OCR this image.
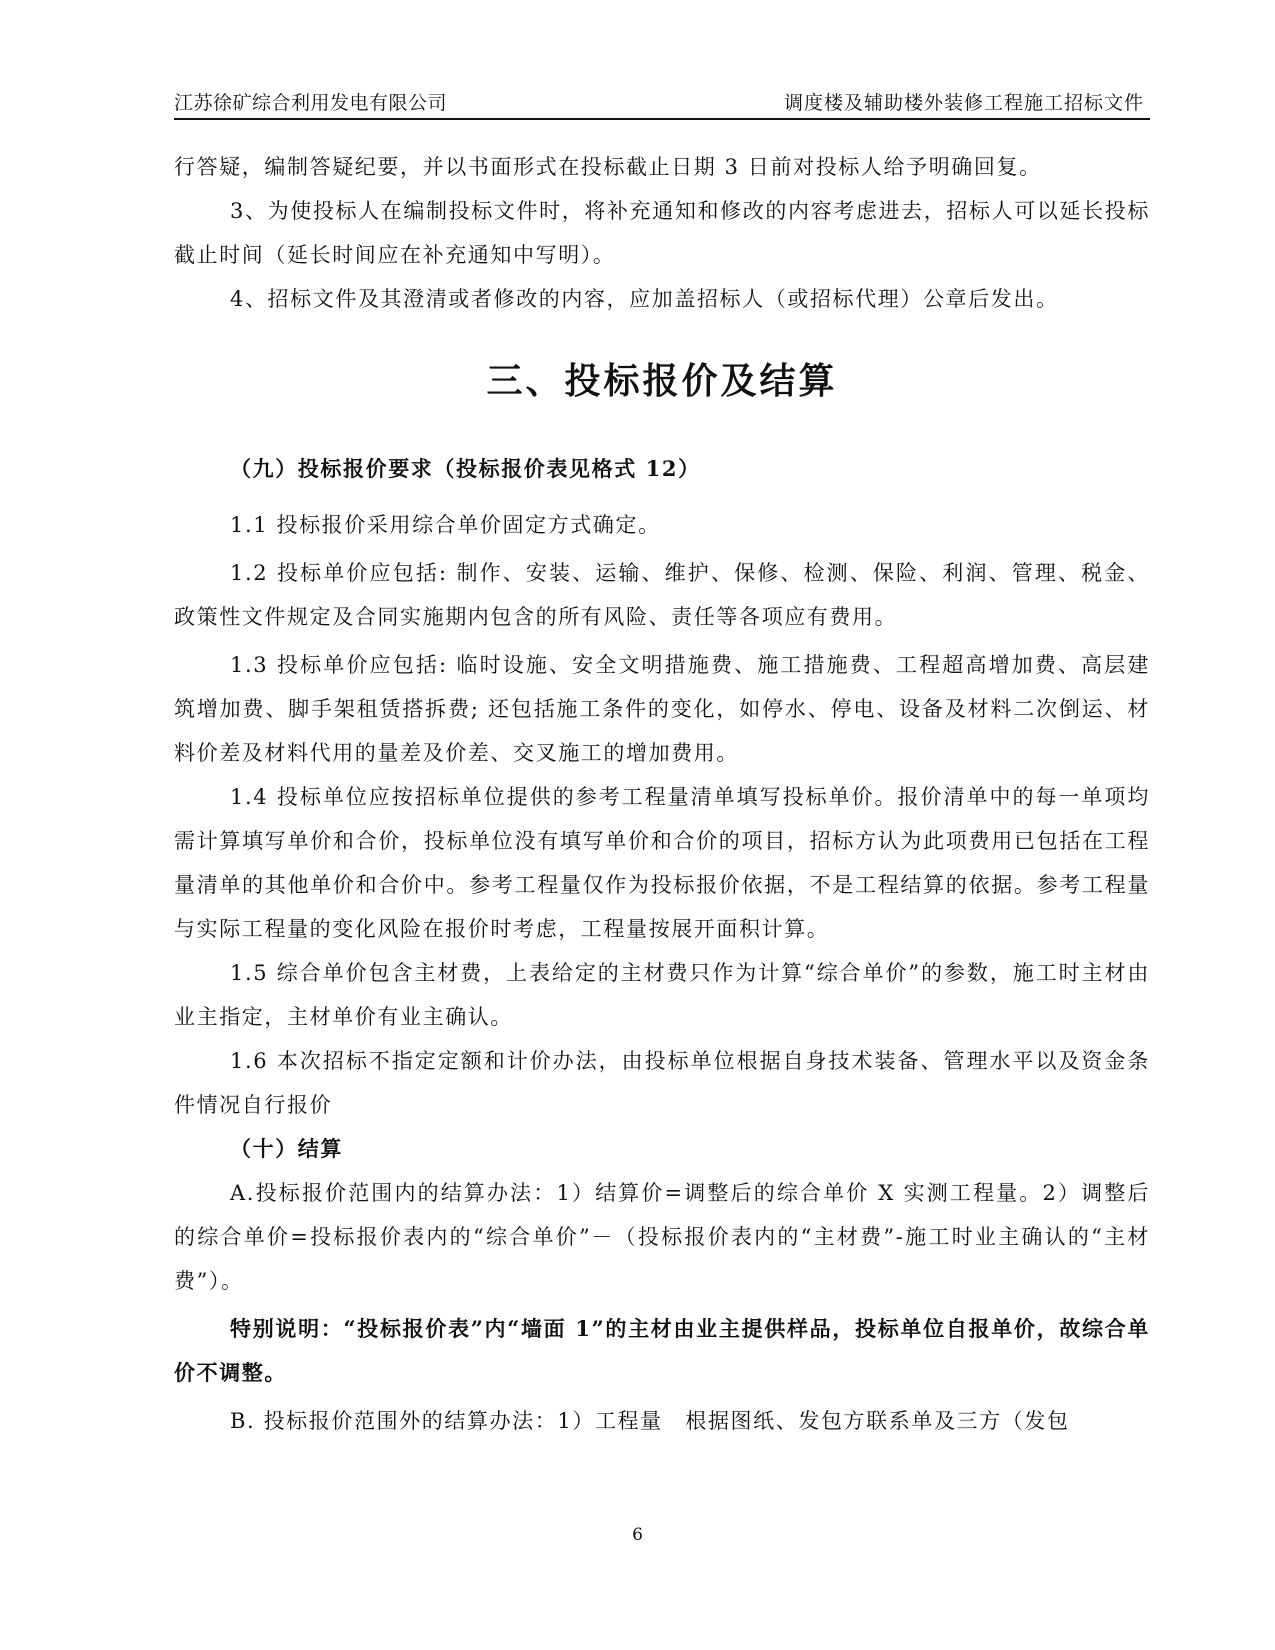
江苏徐矿综合利用发电有限公司	调度楼及辅助楼外装修工程施工招标文件

行答疑，编制答疑纪要，并以书面形式在投标截止日期 3 日前对投标人给予明确回复。

3、为使投标人在编制投标文件时，将补充通知和修改的内容考虑进去，招标人可以延长投标截止时间（延长时间应在补充通知中写明）。

4、招标文件及其澄清或者修改的内容，应加盖招标人（或招标代理）公章后发出。

三、投标报价及结算
（九）投标报价要求（投标报价表见格式 12）

1.1 投标报价采用综合单价固定方式确定。

1.2 投标单价应包括: 制作、安装、运输、维护、保修、检测、保险、利润、管理、税金、政策性文件规定及合同实施期内包含的所有风险、责任等各项应有费用。

1.3 投标单价应包括: 临时设施、安全文明措施费、施工措施费、工程超高增加费、高层建筑增加费、脚手架租赁搭拆费; 还包括施工条件的变化，如停水、停电、设备及材料二次倒运、材料价差及材料代用的量差及价差、交叉施工的增加费用。

1.4 投标单位应按招标单位提供的参考工程量清单填写投标单价。报价清单中的每一单项均需计算填写单价和合价，投标单位没有填写单价和合价的项目，招标方认为此项费用已包括在工程量清单的其他单价和合价中。参考工程量仅作为投标报价依据，不是工程结算的依据。参考工程量与实际工程量的变化风险在报价时考虑，工程量按展开面积计算。

1.5 综合单价包含主材费，上表给定的主材费只作为计算“综合单价”的参数，施工时主材由业主指定，主材单价有业主确认。

1.6 本次招标不指定定额和计价办法，由投标单位根据自身技术装备、管理水平以及资金条件情况自行报价

（十）结算

A.投标报价范围内的结算办法：1）结算价=调整后的综合单价 X 实测工程量。2）调整后的综合单价=投标报价表内的“综合单价”－（投标报价表内的“主材费”-施工时业主确认的“主材费”）。

特别说明：“投标报价表”内“墙面 1”的主材由业主提供样品，投标单位自报单价，故综合单价不调整。

B. 投标报价范围外的结算办法：1）工程量　根据图纸、发包方联系单及三方（发包

6
